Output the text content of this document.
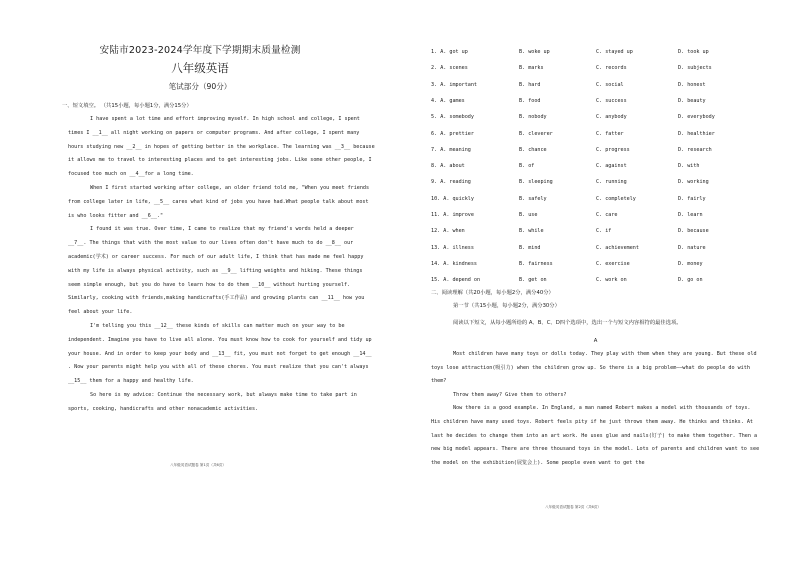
安陆市2023-2024学年度下学期期末质量检测
八年级英语
笔试部分（90分）
一、短文填空。 （共15小题，每小题1分，满分15分）

I have spent a lot time and effort improving myself. In high school and college, I spent times I __1__ all night working on papers or computer programs. And after college, I spent many hours studying new __2__ in hopes of getting better in the workplace. The learning was __3__ because it allows me to travel to interesting places and to get interesting jobs. Like some other people, I focused too much on __4__for a long time.

When I first started working after college, an older friend told me, "When you meet friends from college later in life, __5__ cares what kind of jobs you have had.What people talk about most is who looks fitter and __6__."

I found it was true. Over time, I came to realize that my friend's words held a deeper __7__. The things that with the most value to our lives often don't have much to do __8__ our academic(学术) or career success. For much of our adult life, I think that has made me feel happy with my life is always physical activity, such as __9__ lifting weights and hiking. These things seem simple enough, but you do have to learn how to do them __10__ without hurting yourself. Similarly, cooking with friends,making handicrafts(手工作品) and growing plants can __11__ how you feel about your life.

I'm telling you this __12__ these kinds of skills can matter much on your way to be independent. Imagine you have to live all alone. You must know how to cook for yourself and tidy up your house. And in order to keep your body and __13__ fit, you must not forget to get enough __14__ . Now your parents might help you with all of these chores. You must realize that you can't always __15__ them for a happy and healthy life.

So here is my advice: Continue the necessary work, but always make time to take part in sports, cooking, handicrafts and other nonacademic activities.

八年级英语试题卷 第1页（共6页）
1. A. got up	B. woke up	C. stayed up	D. took up
2. A. scenes	B. marks	C. records	D. subjects
3. A. important	B. hard	C. social	D. honest
4. A. games	B. food	C. success	D. beauty
5. A. somebody	B. nobody	C. anybody	D. everybody
6. A. prettier	B. cleverer	C. fatter	D. healthier
7. A. meaning	B. chance	C. progress	D. research
8. A. about	B. of	C. against	D. with
9. A. reading	B. sleeping	C. running	D. working
10. A. quickly	B. safely	C. completely	D. fairly
11. A. improve	B. use	C. care	D. learn
12. A. when	B. while	C. if	D. because
13. A. illness	B. mind	C. achievement	D. nature
14. A. kindness	B. fairness	C. exercise	D. money
15. A. depend on	B. get on	C. work on	D. go on
二、阅读理解（共20小题，每小题2分，满分40分）
第一节（共15小题，每小题2分，满分30分）
阅读以下短文，从每小题所给的 A、B、C、D四个选项中，选出一个与短文内容相符的最佳选项。
A

Most children have many toys or dolls today. They play with them when they are young. But these old toys lose attraction(吸引力) when the children grow up. So there is a big problem——what do people do with them?

Throw them away? Give them to others?

Now there is a good example. In England, a man named Robert makes a model with thousands of toys. His children have many used toys. Robert feels pity if he just throws them away. He thinks and thinks. At last he decides to change them into an art work. He uses glue and nails(钉子) to make them together. Then a new big model appears. There are three thousand toys in the model. Lots of parents and children want to see the model on the exhibition(展览会上). Some people even want to get the

八年级英语试题卷 第2页（共6页）
